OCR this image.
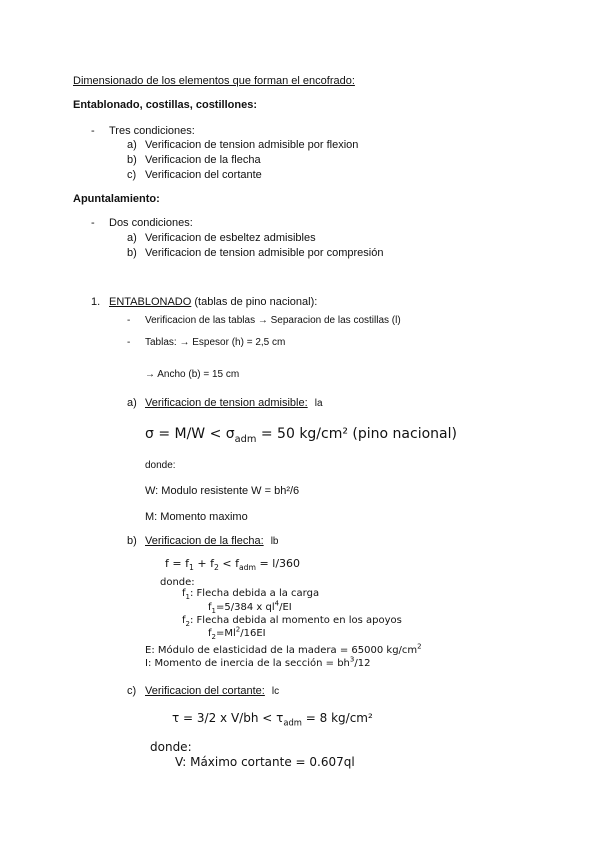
Dimensionado de los elementos que forman el encofrado:
Entablonado, costillas, costillones:
- Tres condiciones:
a) Verificacion de tension admisible por flexion
b) Verificacion de la flecha
c) Verificacion del cortante
Apuntalamiento:
- Dos condiciones:
a) Verificacion de esbeltez admisibles
b) Verificacion de tension admisible por compresión
1. ENTABLONADO (tablas de pino nacional):
- Verificacion de las tablas → Separacion de las costillas (l)
- Tablas: → Espesor (h) = 2,5 cm
→ Ancho (b) = 15 cm
a) Verificacion de tension admisible: la
$\sigma = M/W < \sigma_{adm} = 50$ kg/cm² (pino nacional)
donde:
W: Modulo resistente W = bh²/6
M: Momento maximo
b) Verificacion de la flecha: lb
$f = f_1 + f_2 < f_{adm} = l/360$
donde:
$f_1$: Flecha debida a la carga
$f_1=5/384$ x $ql^4/EI$
$f_2$: Flecha debida al momento en los apoyos
$f_2=Ml^2/16EI$
E: Módulo de elasticidad de la madera = 65000 $kg/cm^2$
I: Momento de inercia de la sección = $bh^3/12$
c) Verificacion del cortante: lc
τ = 3/2 x $V/bh < \tau_{adm} = 8$ kg/cm²
donde:
V: Máximo cortante = 0.607ql
